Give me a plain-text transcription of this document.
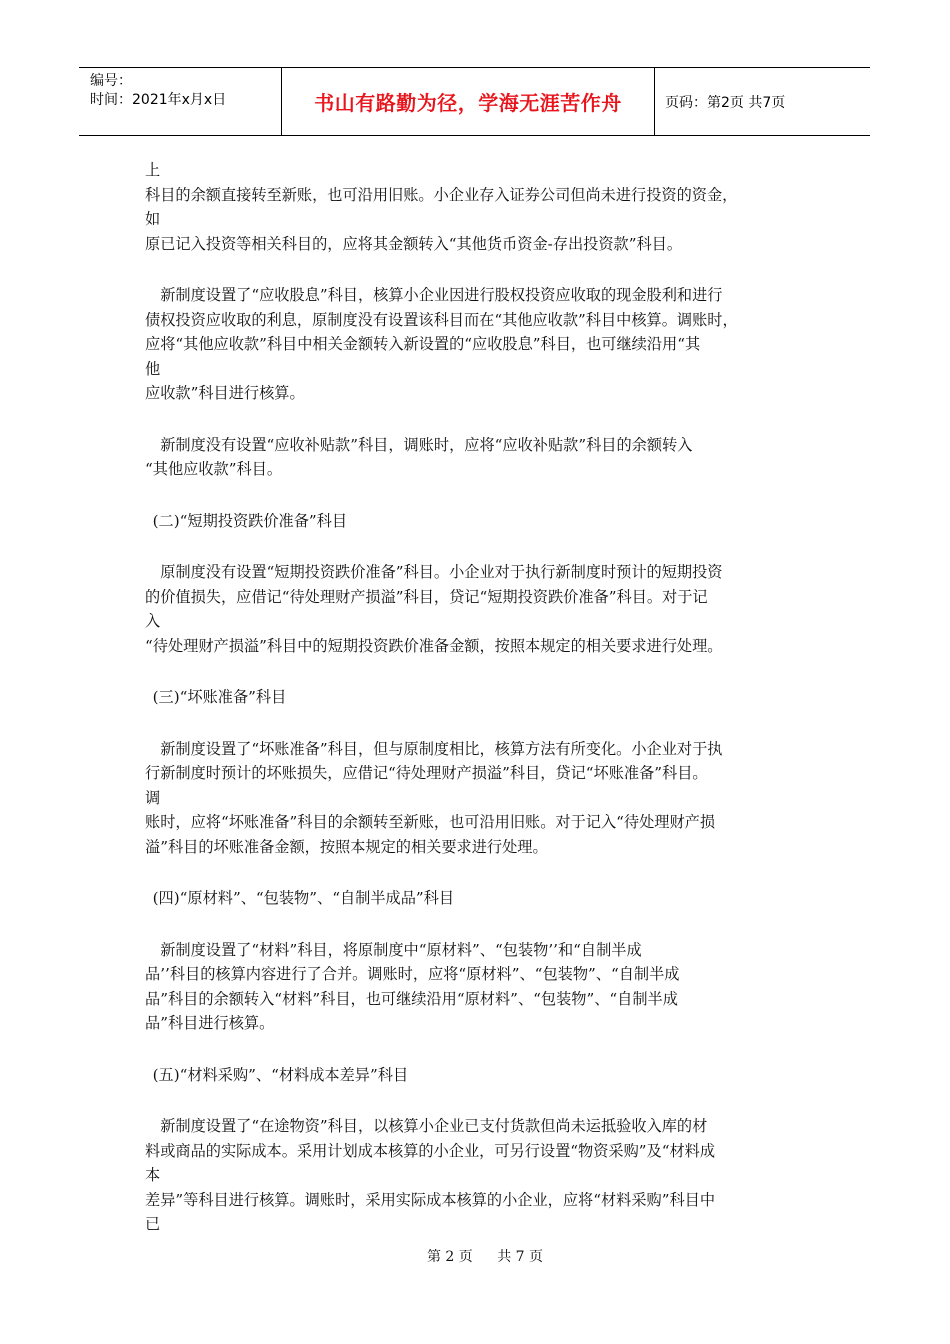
编号：
时间：2021年x月x日	书山有路勤为径，学海无涯苦作舟	页码：第2页 共7页
上
科目的余额直接转至新账，也可沿用旧账。小企业存入证券公司但尚未进行投资的资金，
如
原已记入投资等相关科目的，应将其金额转入“其他货币资金-存出投资款”科目。
新制度设置了“应收股息”科目，核算小企业因进行股权投资应收取的现金股利和进行
债权投资应收取的利息，原制度没有设置该科目而在“其他应收款”科目中核算。调账时，
应将“其他应收款”科目中相关金额转入新设置的“应收股息”科目，也可继续沿用“其
他
应收款”科目进行核算。
新制度没有设置“应收补贴款”科目，调账时，应将“应收补贴款”科目的余额转入
“其他应收款”科目。
(二)“短期投资跌价准备”科目
原制度没有设置“短期投资跌价准备”科目。小企业对于执行新制度时预计的短期投资
的价值损失，应借记“待处理财产损溢”科目，贷记“短期投资跌价准备”科目。对于记
入
“待处理财产损溢”科目中的短期投资跌价准备金额，按照本规定的相关要求进行处理。
(三)“坏账准备”科目
新制度设置了“坏账准备”科目，但与原制度相比，核算方法有所变化。小企业对于执
行新制度时预计的坏账损失，应借记“待处理财产损溢”科目，贷记“坏账准备”科目。
调
账时，应将“坏账准备”科目的余额转至新账，也可沿用旧账。对于记入“待处理财产损
溢”科目的坏账准备金额，按照本规定的相关要求进行处理。
(四)“原材料”、“包装物”、“自制半成品”科目
新制度设置了“材料”科目，将原制度中“原材料”、“包装物’’和“自制半成
品’’科目的核算内容进行了合并。调账时，应将“原材料”、“包装物”、“自制半成
品”科目的余额转入“材料”科目，也可继续沿用“原材料”、“包装物”、“自制半成
品”科目进行核算。
(五)“材料采购”、“材料成本差异”科目
新制度设置了“在途物资”科目，以核算小企业已支付货款但尚未运抵验收入库的材
料或商品的实际成本。采用计划成本核算的小企业，可另行设置“物资采购”及“材料成
本
差异”等科目进行核算。调账时，采用实际成本核算的小企业，应将“材料采购”科目中
已
第 2 页 共 7 页
